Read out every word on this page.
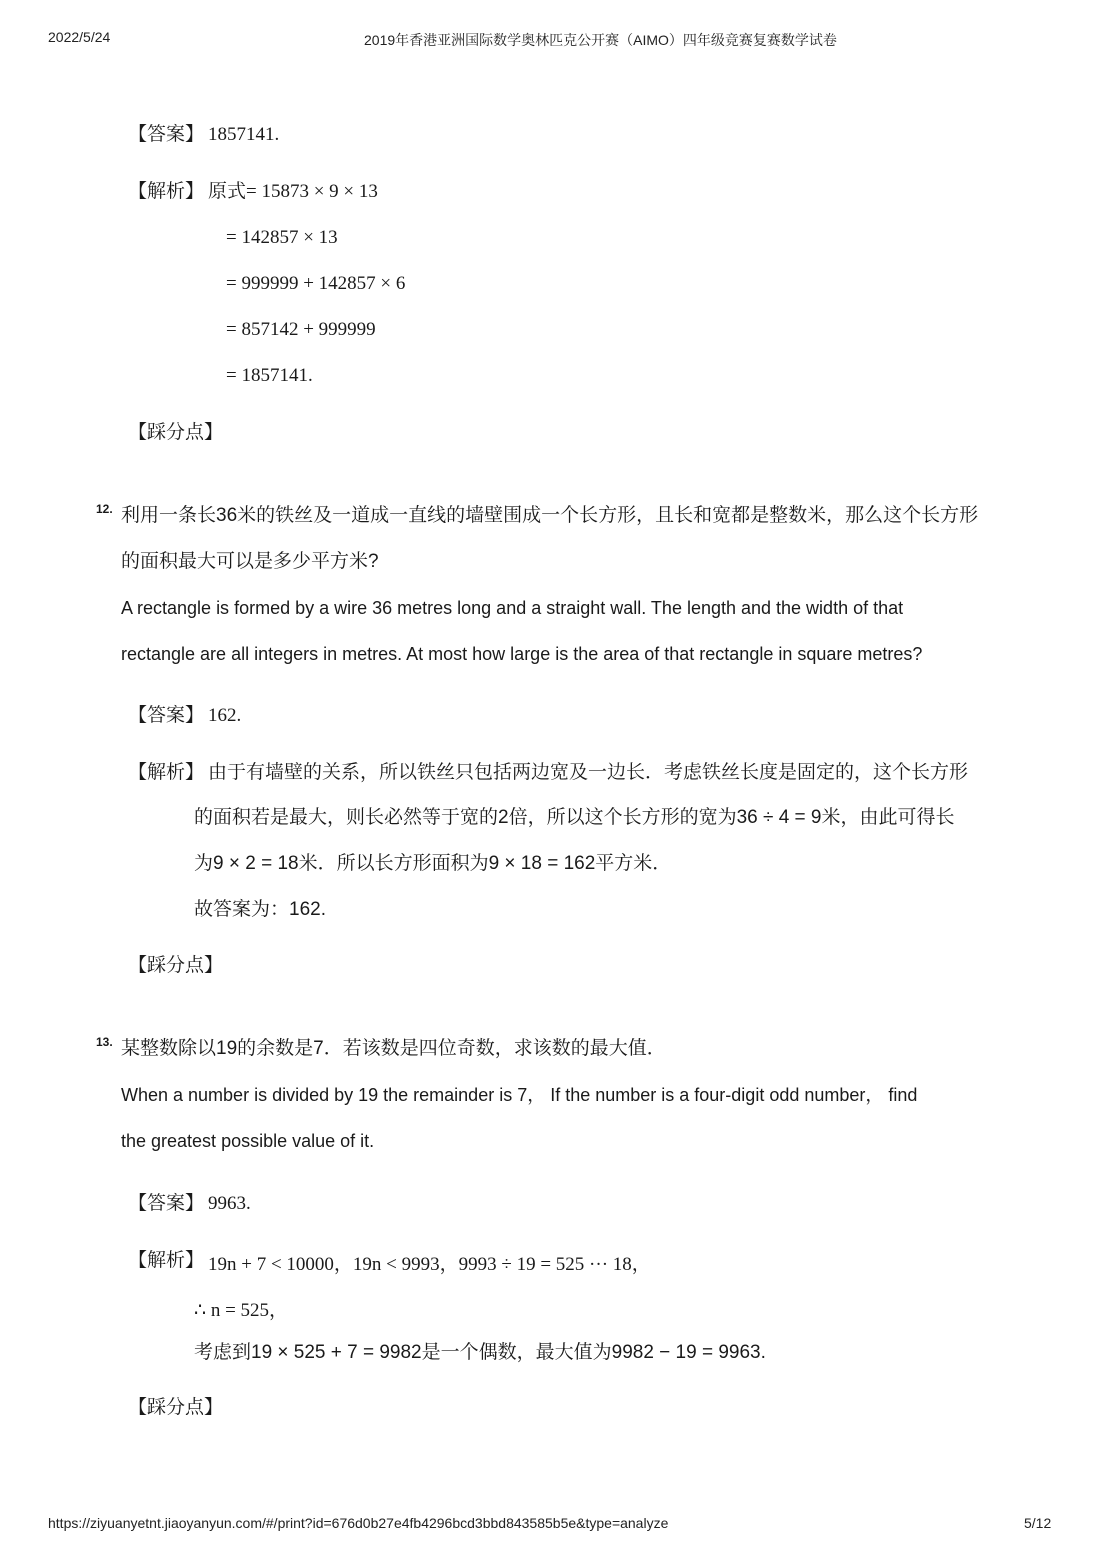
2022/5/24	2019年香港亚洲国际数学奥林匹克公开赛（AIMO）四年级竞赛复赛数学试卷
【答案】 1857141.
【解析】 原式 = 15873 × 9 × 13
= 142857 × 13
= 999999 + 142857 × 6
= 857142 + 999999
= 1857141.
【踩分点】
12. 利用一条长36米的铁丝及一道成一直线的墙壁围成一个长方形，且长和宽都是整数米，那么这个长方形
的面积最大可以是多少平方米?
A rectangle is formed by a wire 36 metres long and a straight wall. The length and the width of that
rectangle are all integers in metres. At most how large is the area of that rectangle in square metres?
【答案】 162.
【解析】 由于有墙壁的关系，所以铁丝只包括两边宽及一边长．考虑铁丝长度是固定的，这个长方形
的面积若是最大，则长必然等于宽的2倍，所以这个长方形的宽为36 ÷ 4 = 9米，由此可得长
为9 × 2 = 18米．所以长方形面积为9 × 18 = 162平方米．
故答案为：162.
【踩分点】
13. 某整数除以19的余数是7．若该数是四位奇数，求该数的最大值．
When a number is divided by 19 the remainder is 7， If the number is a four-digit odd number， find
the greatest possible value of it.
【答案】 9963.
【解析】 19n + 7 < 10000，19n < 9993，9993 ÷ 19 = 525 ··· 18，
∴ n = 525，
考虑到19 × 525 + 7 = 9982是一个偶数，最大值为9982 − 19 = 9963.
【踩分点】
https://ziyuanyetnt.jiaoyanyun.com/#/print?id=676d0b27e4fb4296bcd3bbd843585b5e&type=analyze	5/12
